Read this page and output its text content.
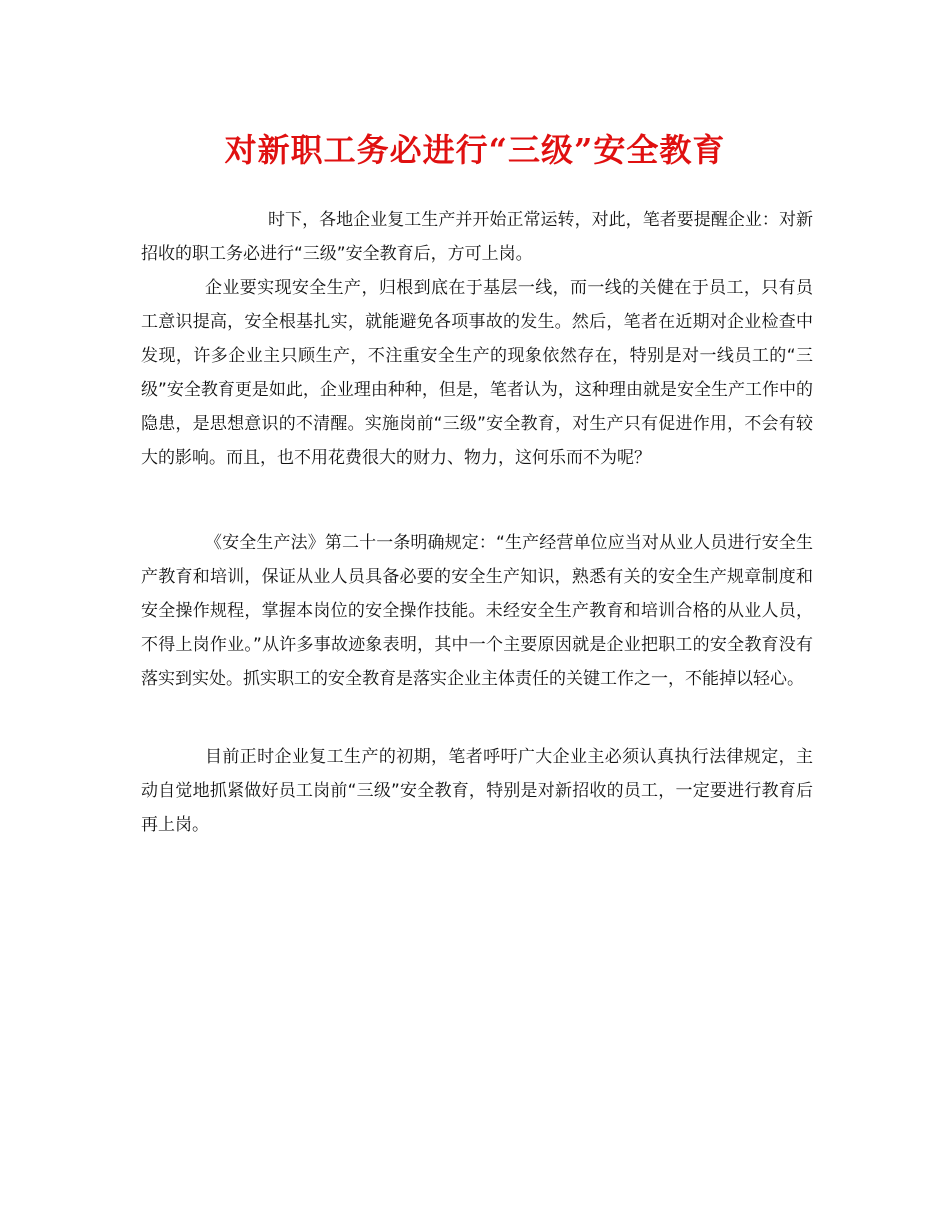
对新职工务必进行“三级”安全教育

时下，各地企业复工生产并开始正常运转，对此，笔者要提醒企业：对新招收的职工务必进行“三级”安全教育后，方可上岗。

企业要实现安全生产，归根到底在于基层一线，而一线的关健在于员工，只有员工意识提高，安全根基扎实，就能避免各项事故的发生。然后，笔者在近期对企业检查中发现，许多企业主只顾生产，不注重安全生产的现象依然存在，特别是对一线员工的“三级”安全教育更是如此，企业理由种种，但是，笔者认为，这种理由就是安全生产工作中的隐患，是思想意识的不清醒。实施岗前“三级”安全教育，对生产只有促进作用，不会有较大的影响。而且，也不用花费很大的财力、物力，这何乐而不为呢？

《安全生产法》第二十一条明确规定：“生产经营单位应当对从业人员进行安全生产教育和培训，保证从业人员具备必要的安全生产知识，熟悉有关的安全生产规章制度和安全操作规程，掌握本岗位的安全操作技能。未经安全生产教育和培训合格的从业人员，不得上岗作业。”从许多事故迹象表明，其中一个主要原因就是企业把职工的安全教育没有落实到实处。抓实职工的安全教育是落实企业主体责任的关键工作之一，不能掉以轻心。

目前正时企业复工生产的初期，笔者呼吁广大企业主必须认真执行法律规定，主动自觉地抓紧做好员工岗前“三级”安全教育，特别是对新招收的员工，一定要进行教育后再上岗。
